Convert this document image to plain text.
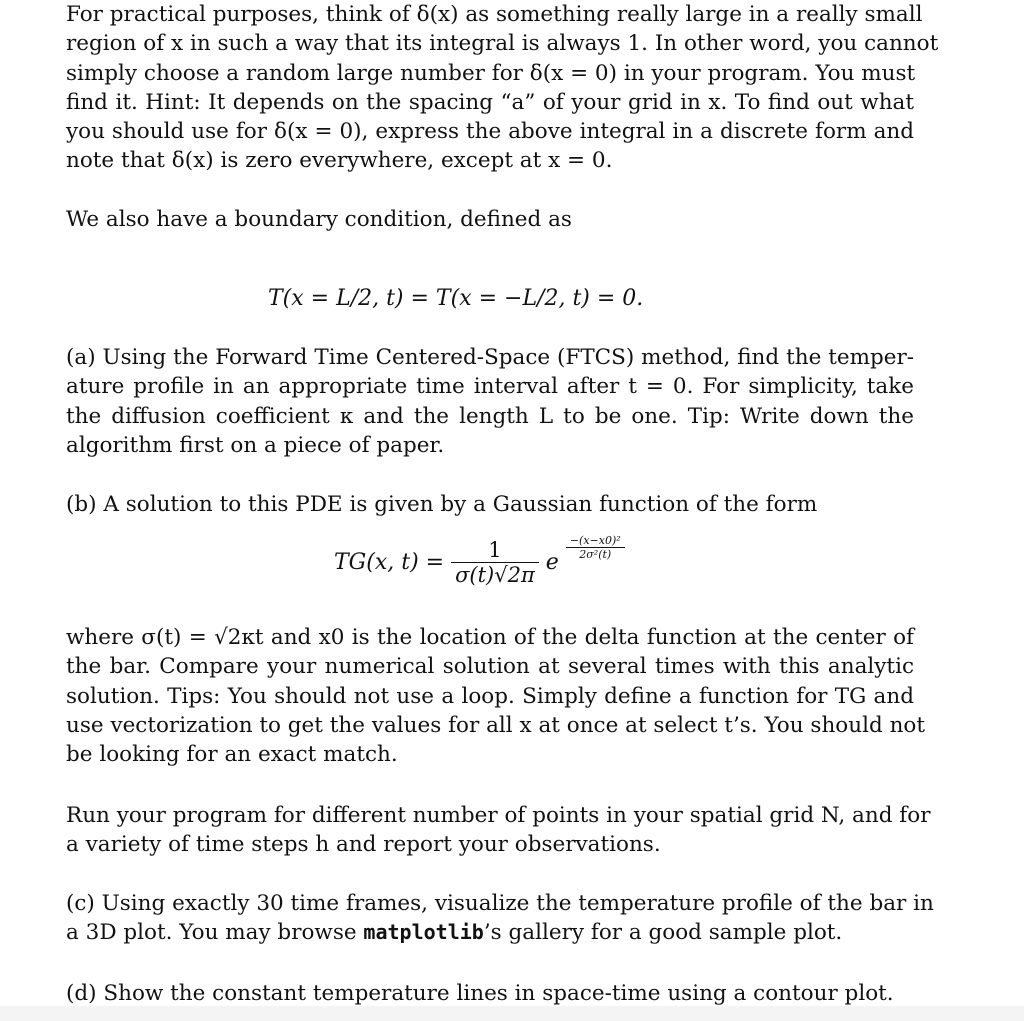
For practical purposes, think of δ(x) as something really large in a really small
region of x in such a way that its integral is always 1. In other word, you cannot
simply choose a random large number for δ(x = 0) in your program. You must
find it. Hint: It depends on the spacing “a” of your grid in x. To find out what
you should use for δ(x = 0), express the above integral in a discrete form and
note that δ(x) is zero everywhere, except at x = 0.
We also have a boundary condition, defined as
T(x = L/2, t) = T(x = −L/2, t) = 0.
(a) Using the Forward Time Centered-Space (FTCS) method, find the temper-
ature profile in an appropriate time interval after t = 0. For simplicity, take
the diffusion coefficient κ and the length L to be one. Tip: Write down the
algorithm first on a piece of paper.
(b) A solution to this PDE is given by a Gaussian function of the form
TG(x, $t) = \frac{1}{\sigma(t)√2\pi}$ e
$\frac{\text{−(x−x0)²}}{\text{2σ²(t)}}$
where σ(t) = √2κt and x0 is the location of the delta function at the center of
the bar. Compare your numerical solution at several times with this analytic
solution. Tips: You should not use a loop. Simply define a function for TG and
use vectorization to get the values for all x at once at select t’s. You should not
be looking for an exact match.
Run your program for different number of points in your spatial grid N, and for
a variety of time steps h and report your observations.
(c) Using exactly 30 time frames, visualize the temperature profile of the bar in
a 3D plot. You may browse matplotlib’s gallery for a good sample plot.
(d) Show the constant temperature lines in space-time using a contour plot.
